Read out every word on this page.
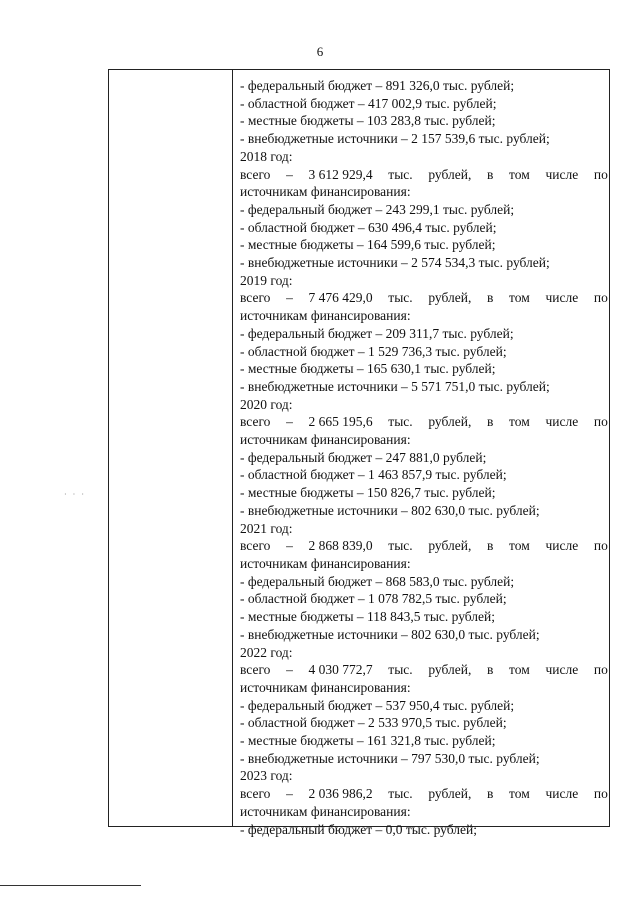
6
- федеральный бюджет – 891 326,0 тыс. рублей;
- областной бюджет – 417 002,9 тыс. рублей;
- местные бюджеты – 103 283,8 тыс. рублей;
- внебюджетные источники – 2 157 539,6 тыс. рублей;
2018 год:
всего – 3 612 929,4 тыс. рублей, в том числе по
источникам финансирования:
- федеральный бюджет – 243 299,1 тыс. рублей;
- областной бюджет – 630 496,4 тыс. рублей;
- местные бюджеты – 164 599,6 тыс. рублей;
- внебюджетные источники – 2 574 534,3 тыс. рублей;
2019 год:
всего – 7 476 429,0 тыс. рублей, в том числе по
источникам финансирования:
- федеральный бюджет – 209 311,7 тыс. рублей;
- областной бюджет – 1 529 736,3 тыс. рублей;
- местные бюджеты – 165 630,1 тыс. рублей;
- внебюджетные источники – 5 571 751,0 тыс. рублей;
2020 год:
всего – 2 665 195,6 тыс. рублей, в том числе по
источникам финансирования:
- федеральный бюджет – 247 881,0 рублей;
- областной бюджет – 1 463 857,9 тыс. рублей;
- местные бюджеты – 150 826,7 тыс. рублей;
- внебюджетные источники – 802 630,0 тыс. рублей;
2021 год:
всего – 2 868 839,0 тыс. рублей, в том числе по
источникам финансирования:
- федеральный бюджет – 868 583,0 тыс. рублей;
- областной бюджет – 1 078 782,5 тыс. рублей;
- местные бюджеты – 118 843,5 тыс. рублей;
- внебюджетные источники – 802 630,0 тыс. рублей;
2022 год:
всего – 4 030 772,7 тыс. рублей, в том числе по
источникам финансирования:
- федеральный бюджет – 537 950,4 тыс. рублей;
- областной бюджет – 2 533 970,5 тыс. рублей;
- местные бюджеты – 161 321,8 тыс. рублей;
- внебюджетные источники – 797 530,0 тыс. рублей;
2023 год:
всего – 2 036 986,2 тыс. рублей, в том числе по
источникам финансирования:
- федеральный бюджет – 0,0 тыс. рублей;
· · ·
